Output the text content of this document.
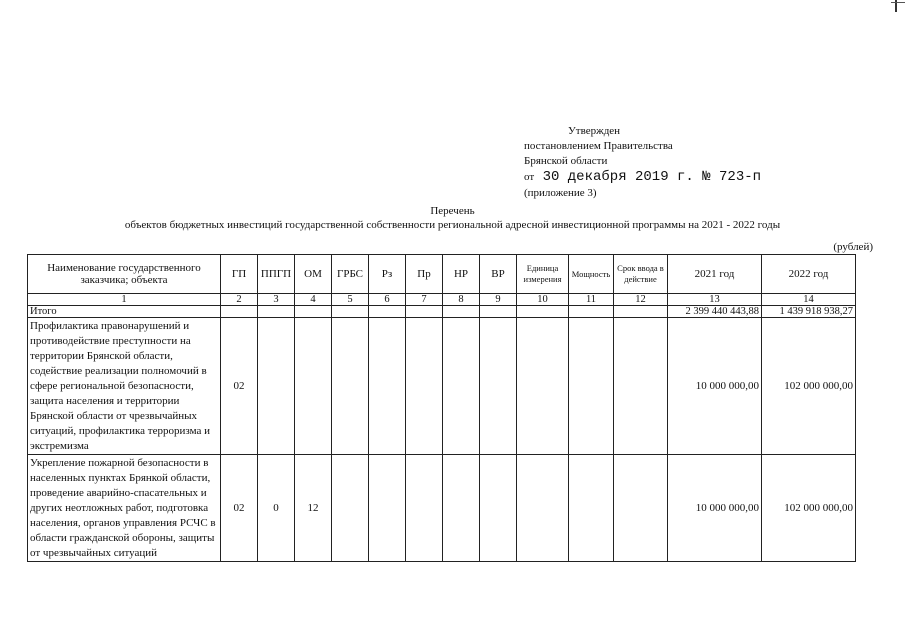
Утвержден
постановлением Правительства
Брянской области
от 30 декабря 2019 г. № 723-п
(приложение 3)
Перечень
объектов бюджетных инвестиций государственной собственности региональной адресной инвестиционной программы на 2021 - 2022 годы
(рублей)
Наименование государственного заказчика; объекта	ГП	ППГП	ОМ	ГРБС	Рз	Пр	НР	ВР	Единица измерения	Мощность	Срок ввода в действие	2021 год	2022 год
1	2	3	4	5	6	7	8	9	10	11	12	13	14
Итого												2 399 440 443,88	1 439 918 938,27
Профилактика правонарушений и противодействие преступности на территории Брянской области, содействие реализации полномочий в сфере региональной безопасности, защита населения и территории Брянской области от чрезвычайных ситуаций, профилактика терроризма и экстремизма	02											10 000 000,00	102 000 000,00
Укрепление пожарной безопасности в населенных пунктах Брянкой области, проведение аварийно-спасательных и других неотложных работ, подготовка населения, органов управления РСЧС в области гражданской обороны, защиты от чрезвычайных ситуаций	02	0	12									10 000 000,00	102 000 000,00
